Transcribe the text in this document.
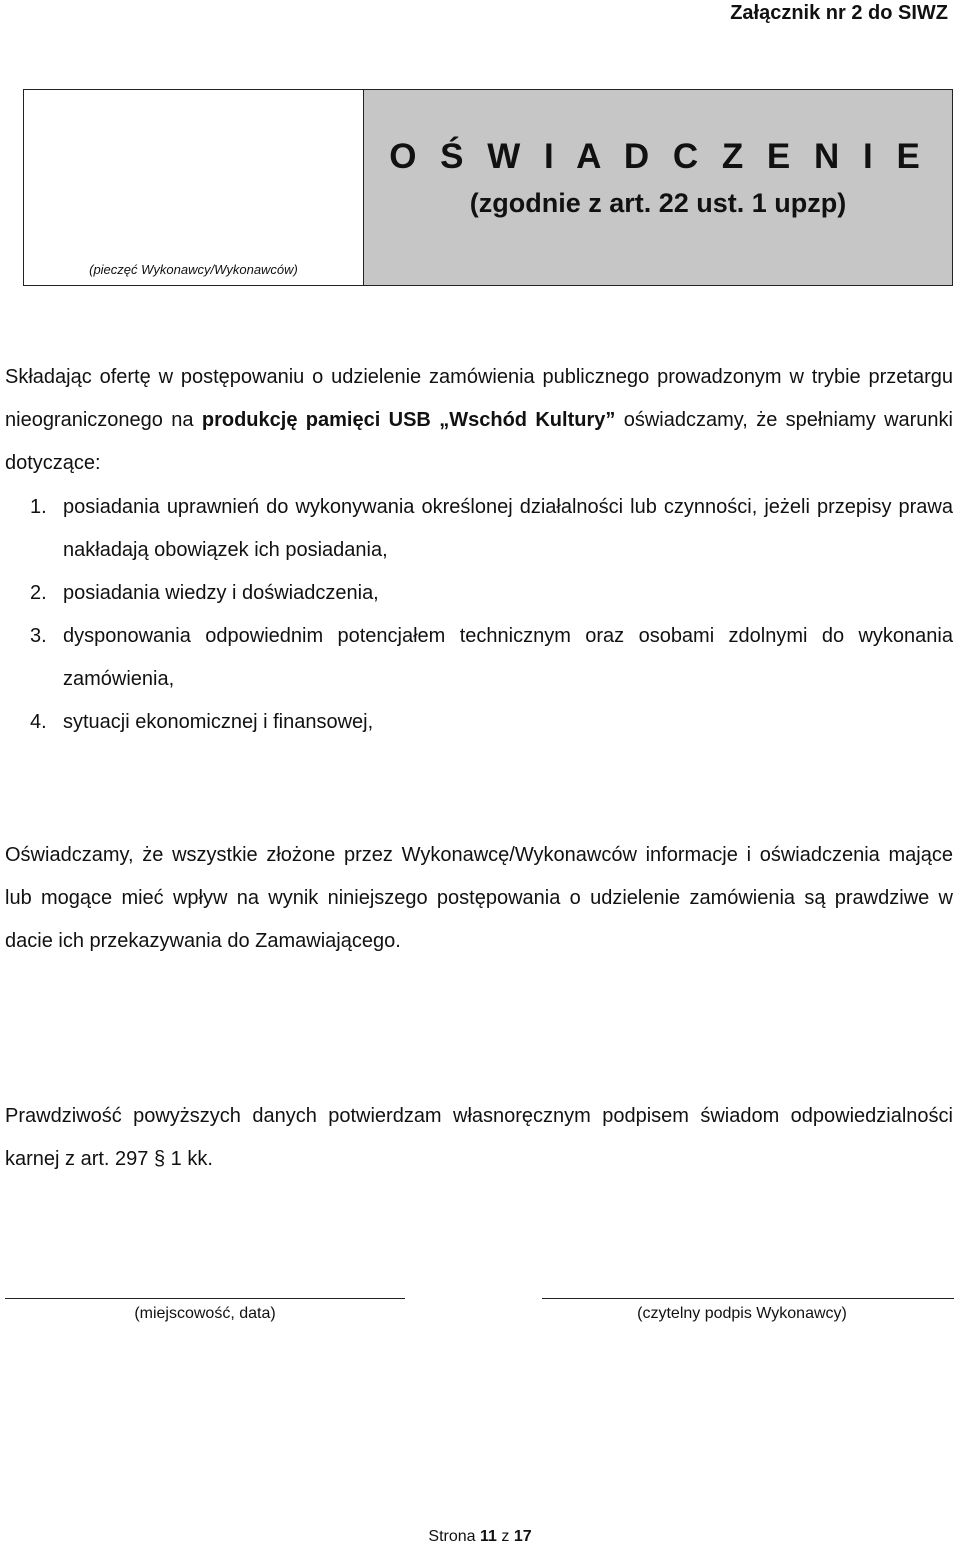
Załącznik nr 2 do SIWZ
(pieczęć Wykonawcy/Wykonawców)
O Ś W I A D C Z E N I E
(zgodnie z art. 22 ust. 1 upzp)
Składając ofertę w postępowaniu o udzielenie zamówienia publicznego prowadzonym w trybie przetargu nieograniczonego na produkcję pamięci USB „Wschód Kultury” oświadczamy, że spełniamy warunki dotyczące:
1. posiadania uprawnień do wykonywania określonej działalności lub czynności, jeżeli przepisy prawa nakładają obowiązek ich posiadania,
2. posiadania wiedzy i doświadczenia,
3. dysponowania odpowiednim potencjałem technicznym oraz osobami zdolnymi do wykonania zamówienia,
4. sytuacji ekonomicznej i finansowej,
Oświadczamy, że wszystkie złożone przez Wykonawcę/Wykonawców informacje i oświadczenia mające lub mogące mieć wpływ na wynik niniejszego postępowania o udzielenie zamówienia są prawdziwe w dacie ich przekazywania do Zamawiającego.
Prawdziwość powyższych danych potwierdzam własnoręcznym podpisem świadom odpowiedzialności karnej z art. 297 § 1 kk.
(miejscowość, data)	(czytelny podpis Wykonawcy)
Strona 11 z 17
